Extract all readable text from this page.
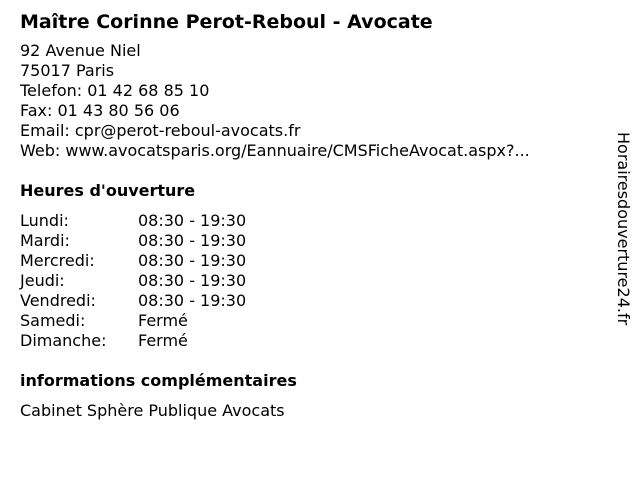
Maître Corinne Perot-Reboul - Avocate
92 Avenue Niel
75017 Paris
Telefon: 01 42 68 85 10
Fax: 01 43 80 56 06
Email: cpr@perot-reboul-avocats.fr
Web: www.avocatsparis.org/Eannuaire/CMSFicheAvocat.aspx?...
Heures d'ouverture
Lundi:	08:30 - 19:30
Mardi:	08:30 - 19:30
Mercredi:	08:30 - 19:30
Jeudi:	08:30 - 19:30
Vendredi:	08:30 - 19:30
Samedi:	Fermé
Dimanche:	Fermé
informations complémentaires
Cabinet Sphère Publique Avocats
Horairesdouverture24.fr
